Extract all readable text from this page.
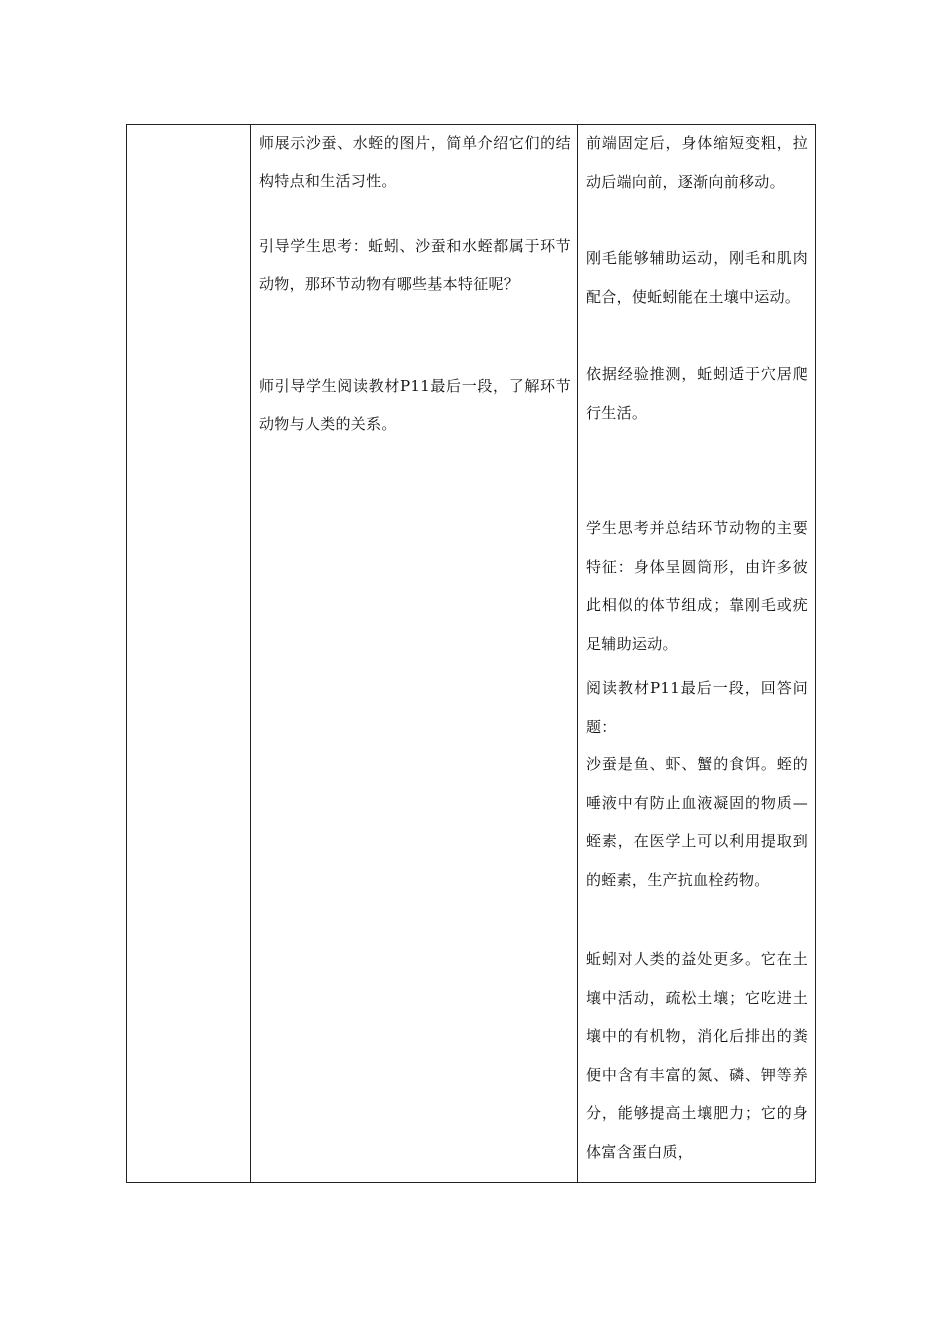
师展示沙蚕、水蛭的图片，简单介绍它们的结构特点和生活习性。

引导学生思考：蚯蚓、沙蚕和水蛭都属于环节动物，那环节动物有哪些基本特征呢？

师引导学生阅读教材P11最后一段，了解环节动物与人类的关系。

前端固定后，身体缩短变粗，拉动后端向前，逐渐向前移动。

刚毛能够辅助运动，刚毛和肌肉配合，使蚯蚓能在土壤中运动。

依据经验推测，蚯蚓适于穴居爬行生活。

学生思考并总结环节动物的主要特征：身体呈圆筒形，由许多彼此相似的体节组成；靠刚毛或疣足辅助运动。

阅读教材P11最后一段，回答问题：

沙蚕是鱼、虾、蟹的食饵。蛭的唾液中有防止血液凝固的物质—蛭素，在医学上可以利用提取到的蛭素，生产抗血栓药物。

蚯蚓对人类的益处更多。它在土壤中活动，疏松土壤；它吃进土壤中的有机物，消化后排出的粪便中含有丰富的氮、磷、钾等养分，能够提高土壤肥力；它的身体富含蛋白质，
